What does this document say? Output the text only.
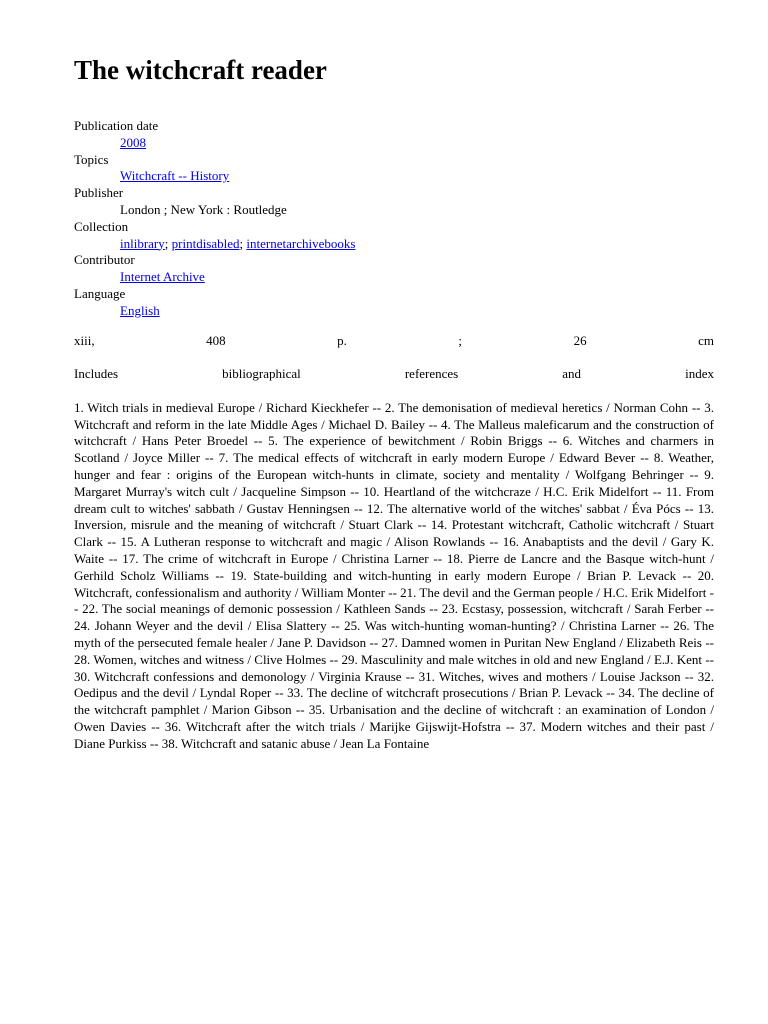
The witchcraft reader
Publication date
2008
Topics
Witchcraft -- History
Publisher
London ; New York : Routledge
Collection
inlibrary; printdisabled; internetarchivebooks
Contributor
Internet Archive
Language
English

xiii, 408 p. ; 26 cm

Includes bibliographical references and index

1. Witch trials in medieval Europe / Richard Kieckhefer -- 2. The demonisation of medieval heretics / Norman Cohn -- 3. Witchcraft and reform in the late Middle Ages / Michael D. Bailey -- 4. The Malleus maleficarum and the construction of witchcraft / Hans Peter Broedel -- 5. The experience of bewitchment / Robin Briggs -- 6. Witches and charmers in Scotland / Joyce Miller -- 7. The medical effects of witchcraft in early modern Europe / Edward Bever -- 8. Weather, hunger and fear : origins of the European witch-hunts in climate, society and mentality / Wolfgang Behringer -- 9. Margaret Murray's witch cult / Jacqueline Simpson -- 10. Heartland of the witchcraze / H.C. Erik Midelfort -- 11. From dream cult to witches' sabbath / Gustav Henningsen -- 12. The alternative world of the witches' sabbat / Éva Pócs -- 13. Inversion, misrule and the meaning of witchcraft / Stuart Clark -- 14. Protestant witchcraft, Catholic witchcraft / Stuart Clark -- 15. A Lutheran response to witchcraft and magic / Alison Rowlands -- 16. Anabaptists and the devil / Gary K. Waite -- 17. The crime of witchcraft in Europe / Christina Larner -- 18. Pierre de Lancre and the Basque witch-hunt / Gerhild Scholz Williams -- 19. State-building and witch-hunting in early modern Europe / Brian P. Levack -- 20. Witchcraft, confessionalism and authority / William Monter -- 21. The devil and the German people / H.C. Erik Midelfort -- 22. The social meanings of demonic possession / Kathleen Sands -- 23. Ecstasy, possession, witchcraft / Sarah Ferber -- 24. Johann Weyer and the devil / Elisa Slattery -- 25. Was witch-hunting woman-hunting? / Christina Larner -- 26. The myth of the persecuted female healer / Jane P. Davidson -- 27. Damned women in Puritan New England / Elizabeth Reis -- 28. Women, witches and witness / Clive Holmes -- 29. Masculinity and male witches in old and new England / E.J. Kent -- 30. Witchcraft confessions and demonology / Virginia Krause -- 31. Witches, wives and mothers / Louise Jackson -- 32. Oedipus and the devil / Lyndal Roper -- 33. The decline of witchcraft prosecutions / Brian P. Levack -- 34. The decline of the witchcraft pamphlet / Marion Gibson -- 35. Urbanisation and the decline of witchcraft : an examination of London / Owen Davies -- 36. Witchcraft after the witch trials / Marijke Gijswijt-Hofstra -- 37. Modern witches and their past / Diane Purkiss -- 38. Witchcraft and satanic abuse / Jean La Fontaine
